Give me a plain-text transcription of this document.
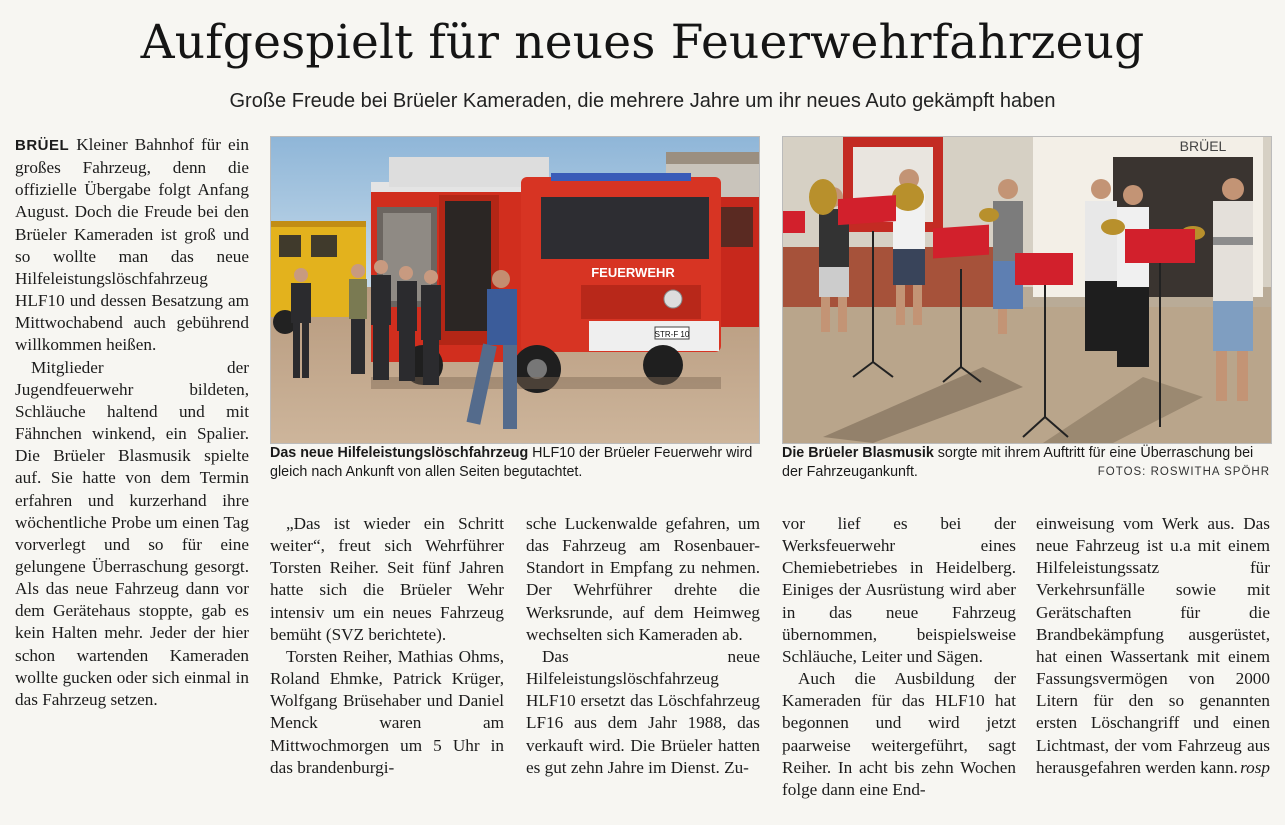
Aufgespielt für neues Feuerwehrfahrzeug
Große Freude bei Brüeler Kameraden, die mehrere Jahre um ihr neues Auto gekämpft haben

BRÜEL Kleiner Bahnhof für ein großes Fahrzeug, denn die offizielle Übergabe folgt Anfang August. Doch die Freude bei den Brüeler Kameraden ist groß und so wollte man das neue Hilfeleistungslöschfahrzeug HLF10 und dessen Besatzung am Mittwochabend auch gebührend willkommen heißen.

Mitglieder der Jugendfeuerwehr bildeten, Schläuche haltend und mit Fähnchen winkend, ein Spalier. Die Brüeler Blasmusik spielte auf. Sie hatte von dem Termin erfahren und kurzerhand ihre wöchentliche Probe um einen Tag vorverlegt und so für eine gelungene Überraschung gesorgt. Als das neue Fahrzeug dann vor dem Gerätehaus stoppte, gab es kein Halten mehr. Jeder der hier schon wartenden Kameraden wollte gucken oder sich einmal in das Fahrzeug setzen.

FEUERWEHR
STR-F 10
Das neue Hilfeleistungslöschfahrzeug HLF10 der Brüeler Feuerwehr wird gleich nach Ankunft von allen Seiten begutachtet.
BRÜEL
Die Brüeler Blasmusik sorgte mit ihrem Auftritt für eine Überraschung bei der Fahrzeugankunft.	FOTOS: ROSWITHA SPÖHR

„Das ist wieder ein Schritt weiter“, freut sich Wehrführer Torsten Reiher. Seit fünf Jahren hatte sich die Brüeler Wehr intensiv um ein neues Fahrzeug bemüht (SVZ berichtete).

Torsten Reiher, Mathias Ohms, Roland Ehmke, Patrick Krüger, Wolfgang Brüsehaber und Daniel Menck waren am Mittwochmorgen um 5 Uhr in das brandenburgi-

sche Luckenwalde gefahren, um das Fahrzeug am Rosenbauer-Standort in Empfang zu nehmen. Der Wehrführer drehte die Werksrunde, auf dem Heimweg wechselten sich Kameraden ab.

Das neue Hilfeleistungslöschfahrzeug HLF10 ersetzt das Löschfahrzeug LF16 aus dem Jahr 1988, das verkauft wird. Die Brüeler hatten es gut zehn Jahre im Dienst. Zu-

vor lief es bei der Werksfeuerwehr eines Chemiebetriebes in Heidelberg. Einiges der Ausrüstung wird aber in das neue Fahrzeug übernommen, beispielsweise Schläuche, Leiter und Sägen.

Auch die Ausbildung der Kameraden für das HLF10 hat begonnen und wird jetzt paarweise weitergeführt, sagt Reiher. In acht bis zehn Wochen folge dann eine End-

einweisung vom Werk aus. Das neue Fahrzeug ist u.a mit einem Hilfeleistungssatz für Verkehrsunfälle sowie mit Gerätschaften für die Brandbekämpfung ausgerüstet, hat einen Wassertank mit einem Fassungsvermögen von 2000 Litern für den so genannten ersten Löschangriff und einen Lichtmast, der vom Fahrzeug aus herausgefahren werden kann. rosp
